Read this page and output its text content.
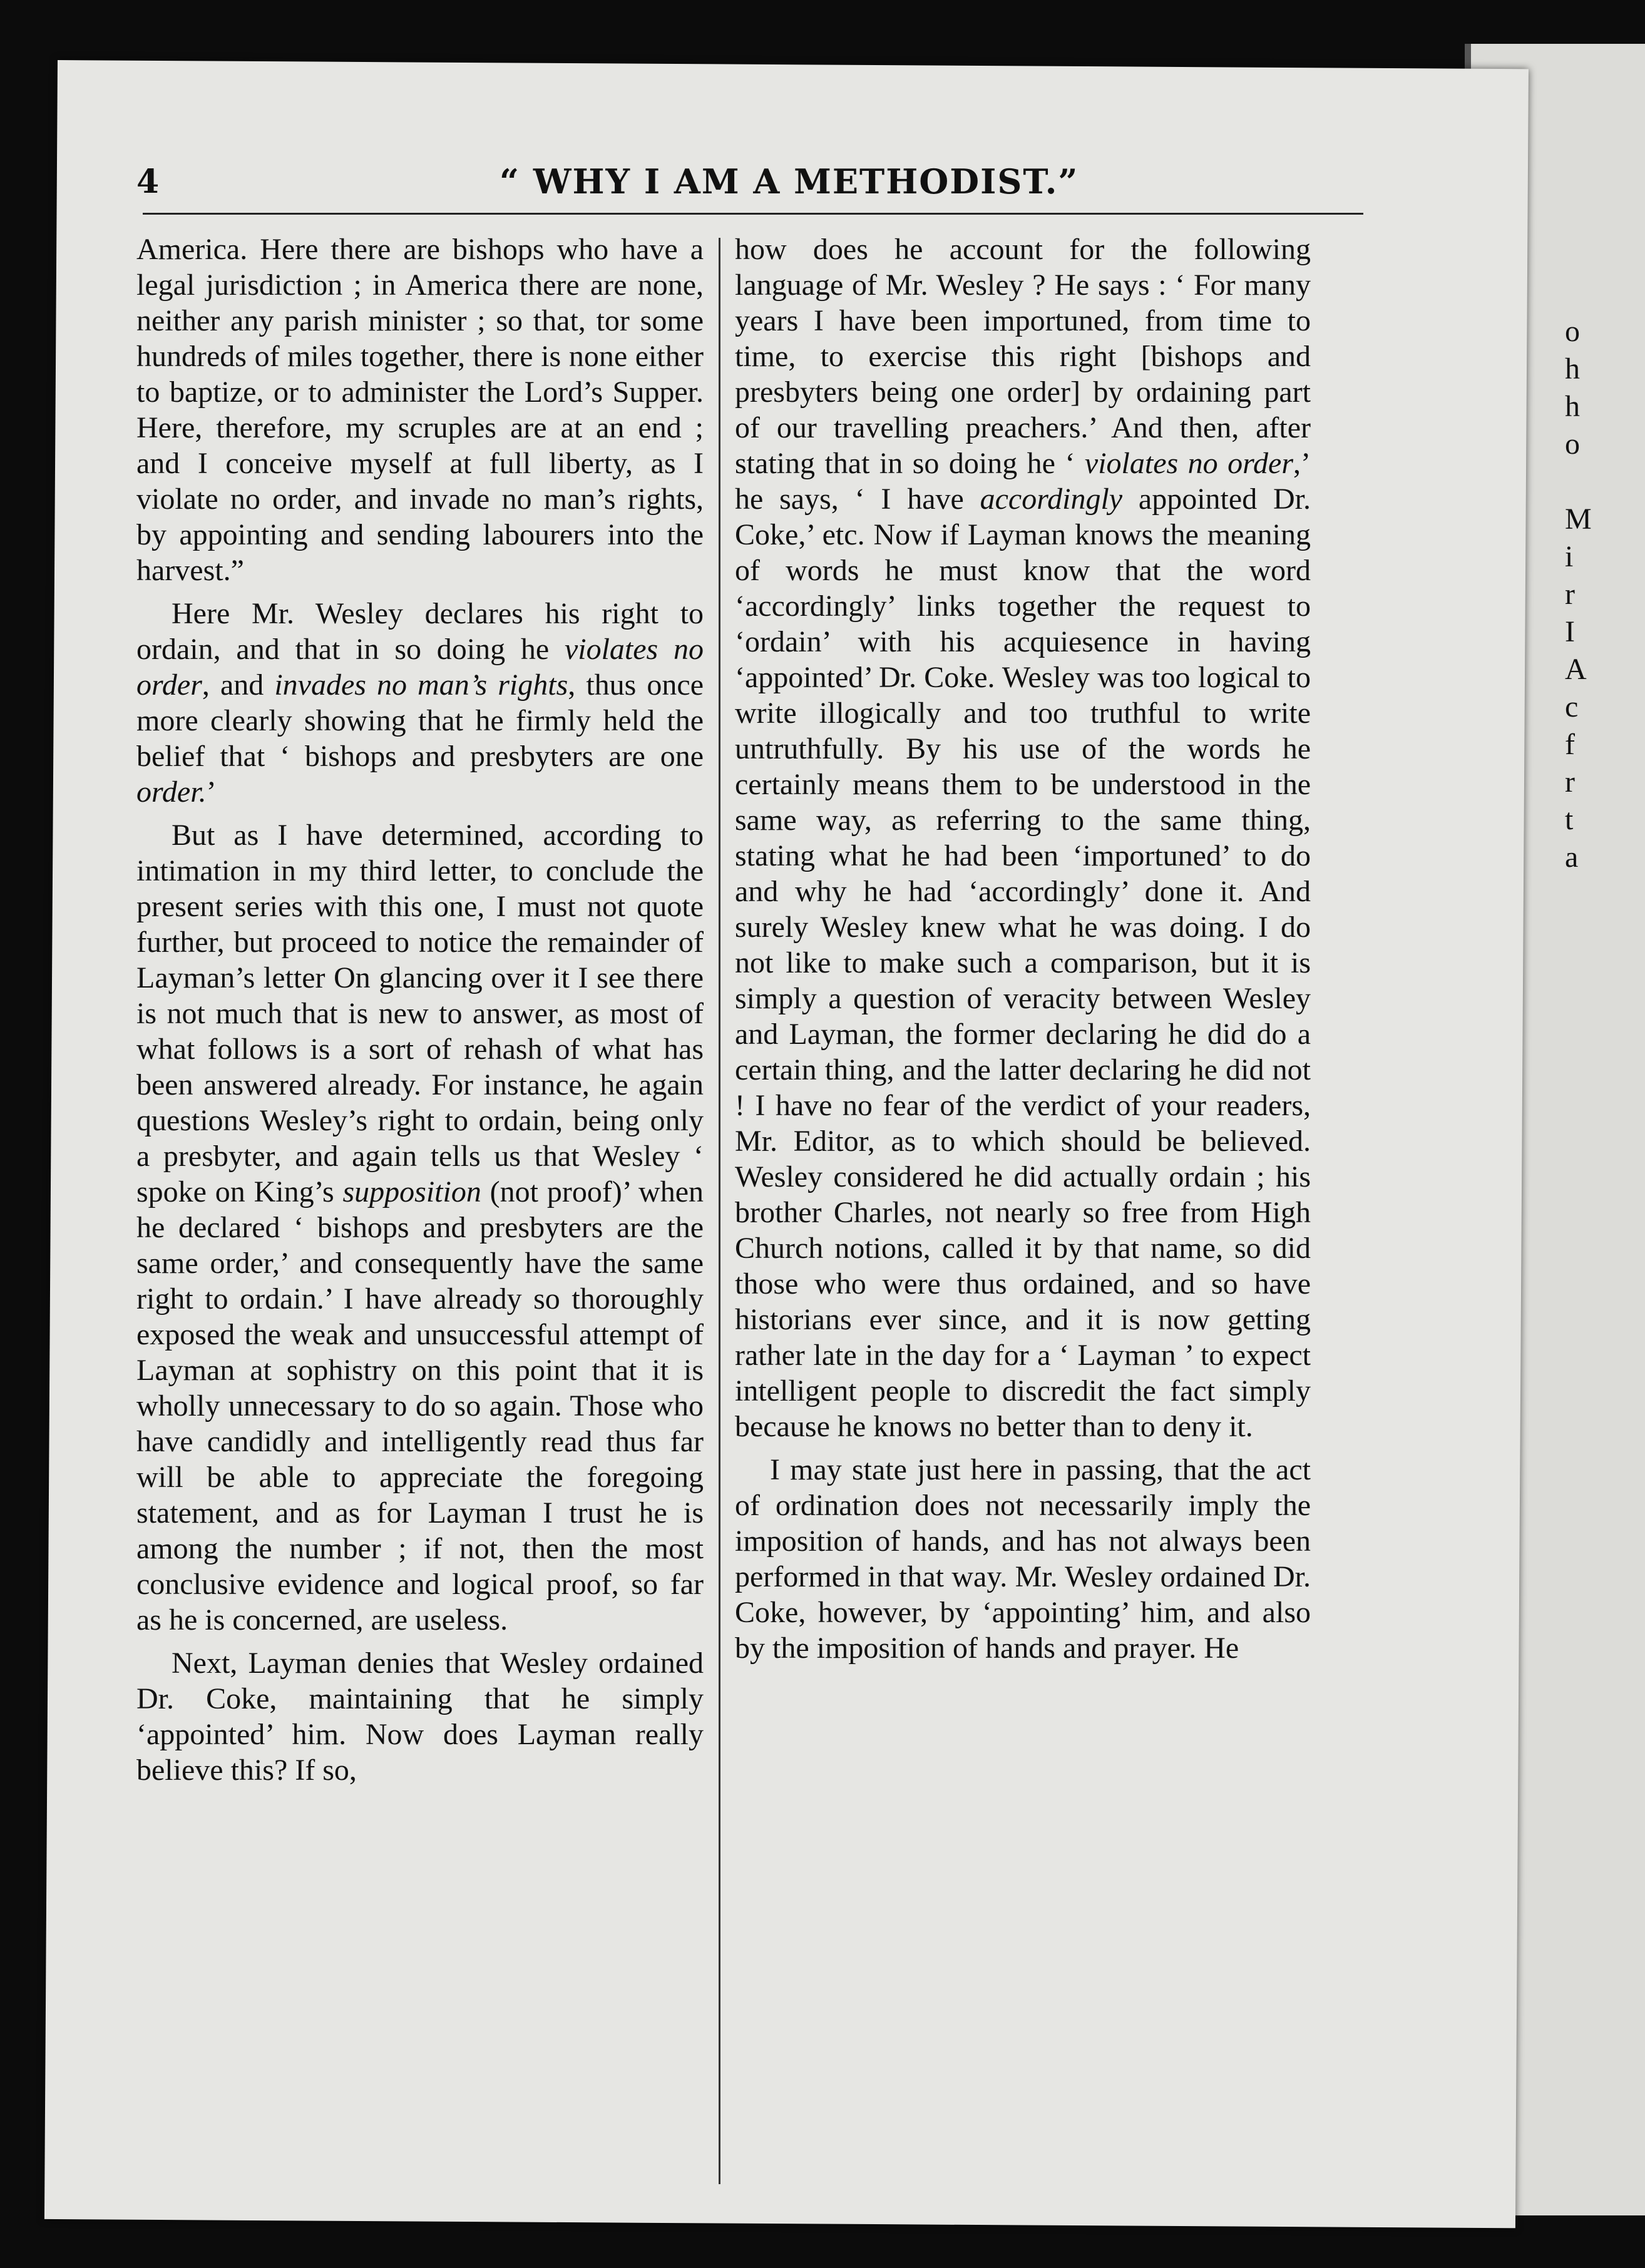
o
h
h
o

M
i
r
I
A
c
f
r
t
a
4	“ WHY I AM A METHODIST.”

America. Here there are bishops who have a legal jurisdiction ; in America there are none, neither any parish minister ; so that, tor some hundreds of miles together, there is none either to baptize, or to administer the Lord’s Supper. Here, therefore, my scruples are at an end ; and I conceive myself at full liberty, as I violate no order, and invade no man’s rights, by appointing and sending labourers into the harvest.”

Here Mr. Wesley declares his right to ordain, and that in so doing he violates no order, and invades no man’s rights, thus once more clearly showing that he firmly held the belief that ‘ bishops and presbyters are one order.’

But as I have determined, according to intimation in my third letter, to conclude the present series with this one, I must not quote further, but proceed to notice the remainder of Layman’s letter On glancing over it I see there is not much that is new to answer, as most of what follows is a sort of rehash of what has been answered already. For instance, he again questions Wesley’s right to ordain, being only a presbyter, and again tells us that Wesley ‘ spoke on King’s supposition (not proof)’ when he declared ‘ bishops and presbyters are the same order,’ and consequently have the same right to ordain.’ I have already so thoroughly exposed the weak and unsuccessful attempt of Layman at sophistry on this point that it is wholly unnecessary to do so again. Those who have candidly and intelligently read thus far will be able to appreciate the foregoing statement, and as for Layman I trust he is among the number ; if not, then the most conclusive evidence and logical proof, so far as he is concerned, are useless.

Next, Layman denies that Wesley ordained Dr. Coke, maintaining that he simply ‘appointed’ him. Now does Layman really believe this? If so,

how does he account for the following language of Mr. Wesley ? He says : ‘ For many years I have been importuned, from time to time, to exercise this right [bishops and presbyters being one order] by ordaining part of our travelling preachers.’ And then, after stating that in so doing he ‘ violates no order,’ he says, ‘ I have accordingly appointed Dr. Coke,’ etc. Now if Layman knows the meaning of words he must know that the word ‘accordingly’ links together the request to ‘ordain’ with his acquiesence in having ‘appointed’ Dr. Coke. Wesley was too logical to write illogically and too truthful to write untruthfully. By his use of the words he certainly means them to be understood in the same way, as referring to the same thing, stating what he had been ‘importuned’ to do and why he had ‘accordingly’ done it. And surely Wesley knew what he was doing. I do not like to make such a comparison, but it is simply a question of veracity between Wesley and Layman, the former declaring he did do a certain thing, and the latter declaring he did not ! I have no fear of the verdict of your readers, Mr. Editor, as to which should be believed. Wesley considered he did actually ordain ; his brother Charles, not nearly so free from High Church notions, called it by that name, so did those who were thus ordained, and so have historians ever since, and it is now getting rather late in the day for a ‘ Layman ’ to expect intelligent people to discredit the fact simply because he knows no better than to deny it.

I may state just here in passing, that the act of ordination does not necessarily imply the imposition of hands, and has not always been performed in that way. Mr. Wesley ordained Dr. Coke, however, by ‘appointing’ him, and also by the imposition of hands and prayer. He
